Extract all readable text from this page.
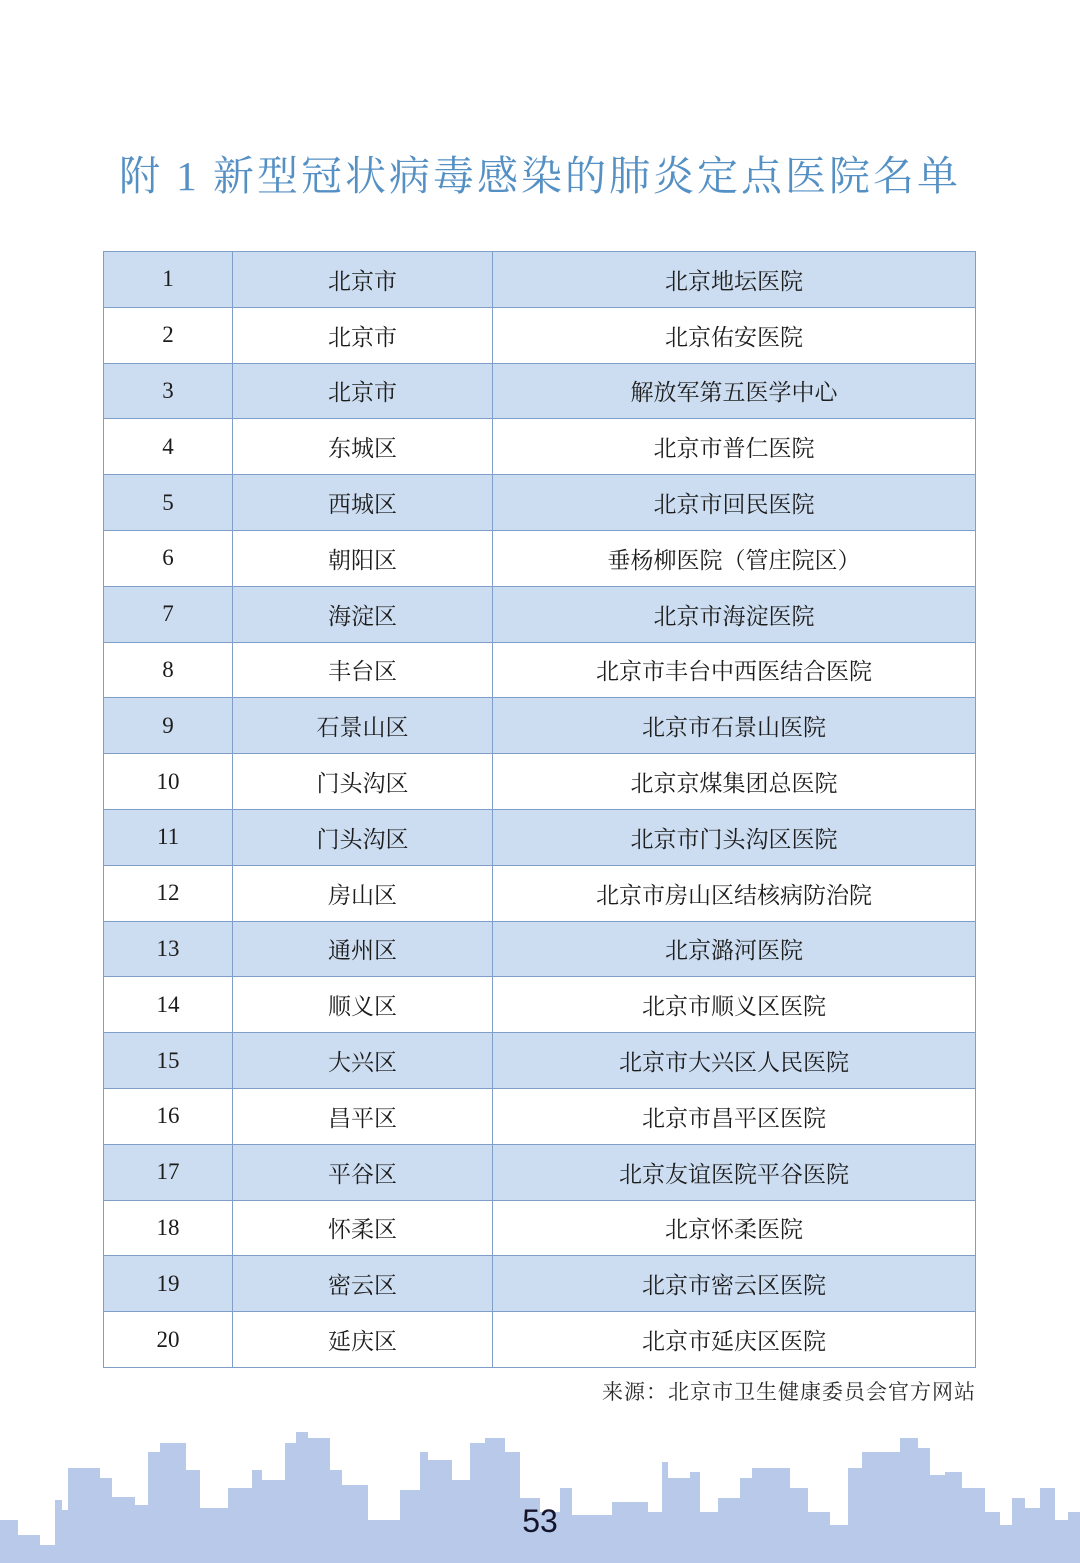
附 1 新型冠状病毒感染的肺炎定点医院名单
1	北京市	北京地坛医院
2	北京市	北京佑安医院
3	北京市	解放军第五医学中心
4	东城区	北京市普仁医院
5	西城区	北京市回民医院
6	朝阳区	垂杨柳医院（管庄院区）
7	海淀区	北京市海淀医院
8	丰台区	北京市丰台中西医结合医院
9	石景山区	北京市石景山医院
10	门头沟区	北京京煤集团总医院
11	门头沟区	北京市门头沟区医院
12	房山区	北京市房山区结核病防治院
13	通州区	北京潞河医院
14	顺义区	北京市顺义区医院
15	大兴区	北京市大兴区人民医院
16	昌平区	北京市昌平区医院
17	平谷区	北京友谊医院平谷医院
18	怀柔区	北京怀柔医院
19	密云区	北京市密云区医院
20	延庆区	北京市延庆区医院
来源：北京市卫生健康委员会官方网站
53
